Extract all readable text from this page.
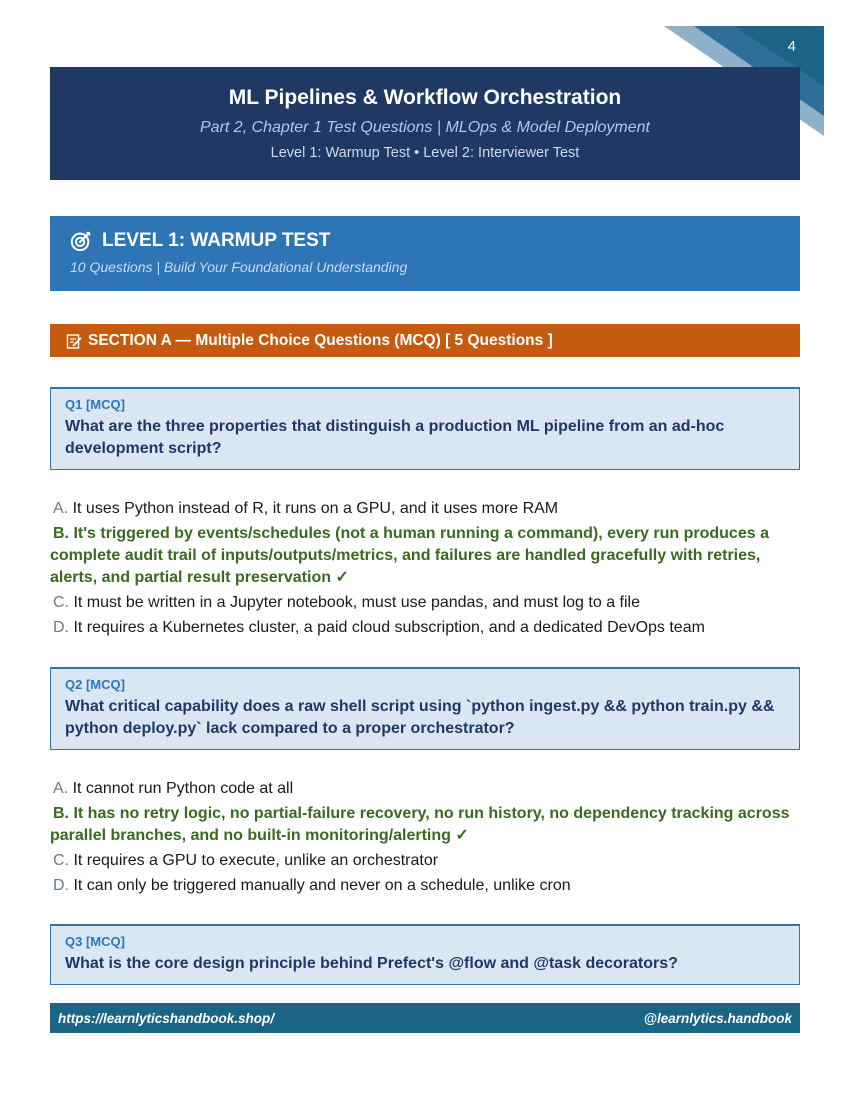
4
ML Pipelines & Workflow Orchestration
Part 2, Chapter 1 Test Questions | MLOps & Model Deployment
Level 1: Warmup Test • Level 2: Interviewer Test
LEVEL 1: WARMUP TEST
10 Questions | Build Your Foundational Understanding
SECTION A — Multiple Choice Questions (MCQ) [ 5 Questions ]
Q1 [MCQ]
What are the three properties that distinguish a production ML pipeline from an ad-hoc development script?
A. It uses Python instead of R, it runs on a GPU, and it uses more RAM
B. It's triggered by events/schedules (not a human running a command), every run produces a complete audit trail of inputs/outputs/metrics, and failures are handled gracefully with retries, alerts, and partial result preservation ✓
C. It must be written in a Jupyter notebook, must use pandas, and must log to a file
D. It requires a Kubernetes cluster, a paid cloud subscription, and a dedicated DevOps team
Q2 [MCQ]
What critical capability does a raw shell script using `python ingest.py && python train.py && python deploy.py` lack compared to a proper orchestrator?
A. It cannot run Python code at all
B. It has no retry logic, no partial-failure recovery, no run history, no dependency tracking across parallel branches, and no built-in monitoring/alerting ✓
C. It requires a GPU to execute, unlike an orchestrator
D. It can only be triggered manually and never on a schedule, unlike cron
Q3 [MCQ]
What is the core design principle behind Prefect's @flow and @task decorators?
https://learnlytics​handbook.shop/	@learnlytics.handbook
